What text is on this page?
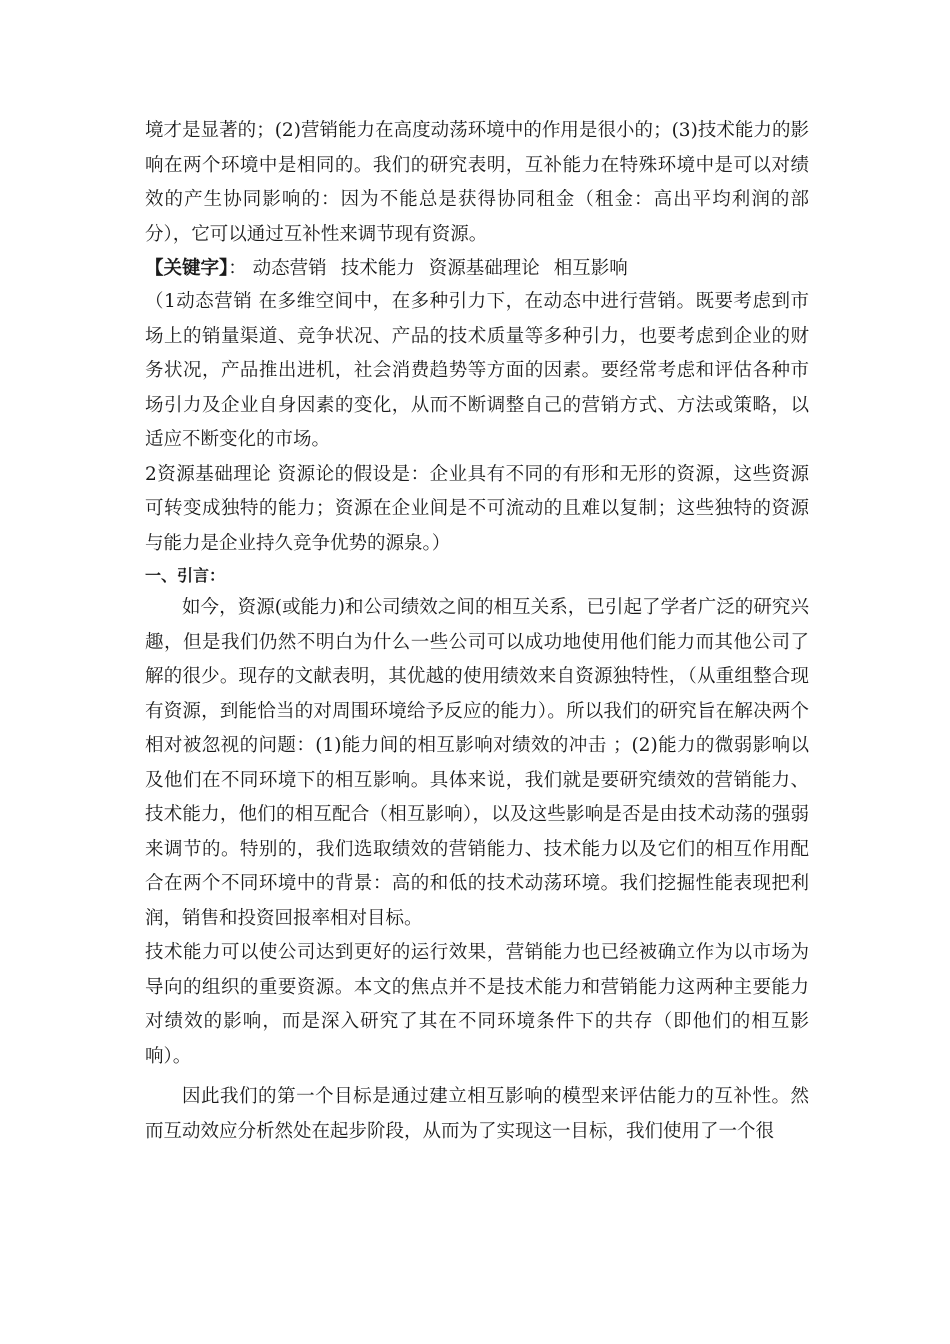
境才是显著的；(2)营销能力在高度动荡环境中的作用是很小的；(3)技术能力的影响在两个环境中是相同的。我们的研究表明，互补能力在特殊环境中是可以对绩效的产生协同影响的：因为不能总是获得协同租金（租金：高出平均利润的部分），它可以通过互补性来调节现有资源。

【关键字】： 动态营销 技术能力 资源基础理论 相互影响

（1动态营销 在多维空间中，在多种引力下，在动态中进行营销。既要考虑到市场上的销量渠道、竞争状况、产品的技术质量等多种引力，也要考虑到企业的财务状况，产品推出进机，社会消费趋势等方面的因素。要经常考虑和评估各种市场引力及企业自身因素的变化，从而不断调整自己的营销方式、方法或策略，以适应不断变化的市场。

2资源基础理论 资源论的假设是：企业具有不同的有形和无形的资源，这些资源可转变成独特的能力；资源在企业间是不可流动的且难以复制；这些独特的资源与能力是企业持久竞争优势的源泉。）

一、引言：

如今，资源(或能力)和公司绩效之间的相互关系，已引起了学者广泛的研究兴趣，但是我们仍然不明白为什么一些公司可以成功地使用他们能力而其他公司了解的很少。现存的文献表明，其优越的使用绩效来自资源独特性，（从重组整合现有资源，到能恰当的对周围环境给予反应的能力）。所以我们的研究旨在解决两个相对被忽视的问题：(1)能力间的相互影响对绩效的冲击 ；(2)能力的微弱影响以及他们在不同环境下的相互影响。具体来说，我们就是要研究绩效的营销能力、技术能力，他们的相互配合（相互影响），以及这些影响是否是由技术动荡的强弱来调节的。特别的，我们选取绩效的营销能力、技术能力以及它们的相互作用配合在两个不同环境中的背景：高的和低的技术动荡环境。我们挖掘性能表现把利润，销售和投资回报率相对目标。

技术能力可以使公司达到更好的运行效果，营销能力也已经被确立作为以市场为导向的组织的重要资源。本文的焦点并不是技术能力和营销能力这两种主要能力对绩效的影响，而是深入研究了其在不同环境条件下的共存（即他们的相互影响）。

因此我们的第一个目标是通过建立相互影响的模型来评估能力的互补性。然而互动效应分析然处在起步阶段，从而为了实现这一目标，我们使用了一个很
